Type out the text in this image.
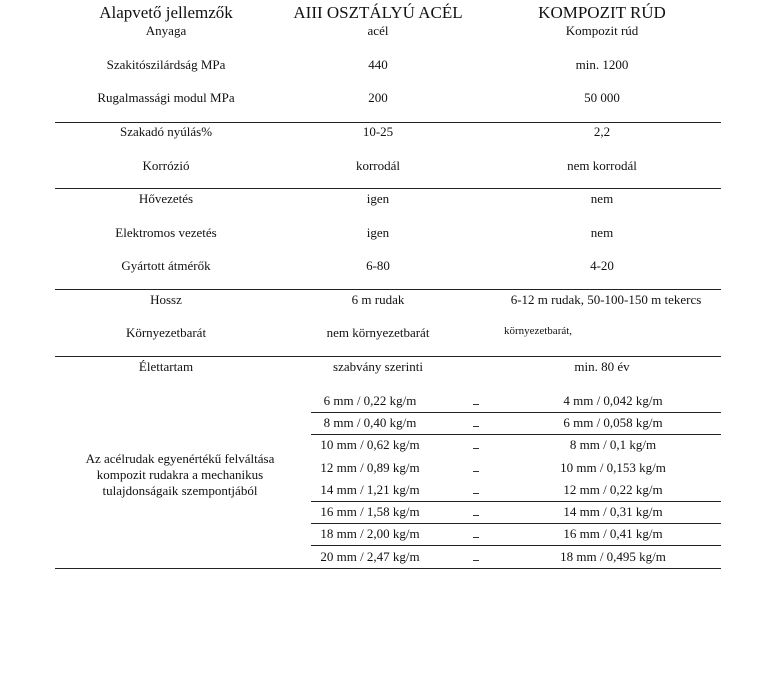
Alapvető jellemzők	AIII OSZTÁLYÚ ACÉL	KOMPOZIT RÚD
Anyaga	acél	Kompozit rúd
Szakitószilárdság MPa	440	min. 1200
Rugalmassági modul MPa	200	50 000
Szakadó nyúlás%	10-25	2,2
Korrózió	korrodál	nem korrodál
Hővezetés	igen	nem
Elektromos vezetés	igen	nem
Gyártott átmérők	6-80	4-20
Hossz	6 m rudak	6-12 m rudak, 50-100-150 m tekercs
Környezetbarát	nem környezetbarát	környezetbarát,
Élettartam	szabvány szerinti	min. 80 év
Az acélrudak egyenértékű felváltása kompozit rudakra a mechanikus tulajdonságaik szempontjából
6 mm / 0,22 kg/m	4 mm / 0,042 kg/m
8 mm / 0,40 kg/m	6 mm / 0,058 kg/m
10 mm / 0,62 kg/m	8 mm / 0,1 kg/m
12 mm / 0,89 kg/m	10 mm / 0,153 kg/m
14 mm / 1,21 kg/m	12 mm / 0,22 kg/m
16 mm / 1,58 kg/m	14 mm / 0,31 kg/m
18 mm / 2,00 kg/m	16 mm / 0,41 kg/m
20 mm / 2,47 kg/m	18 mm / 0,495 kg/m
